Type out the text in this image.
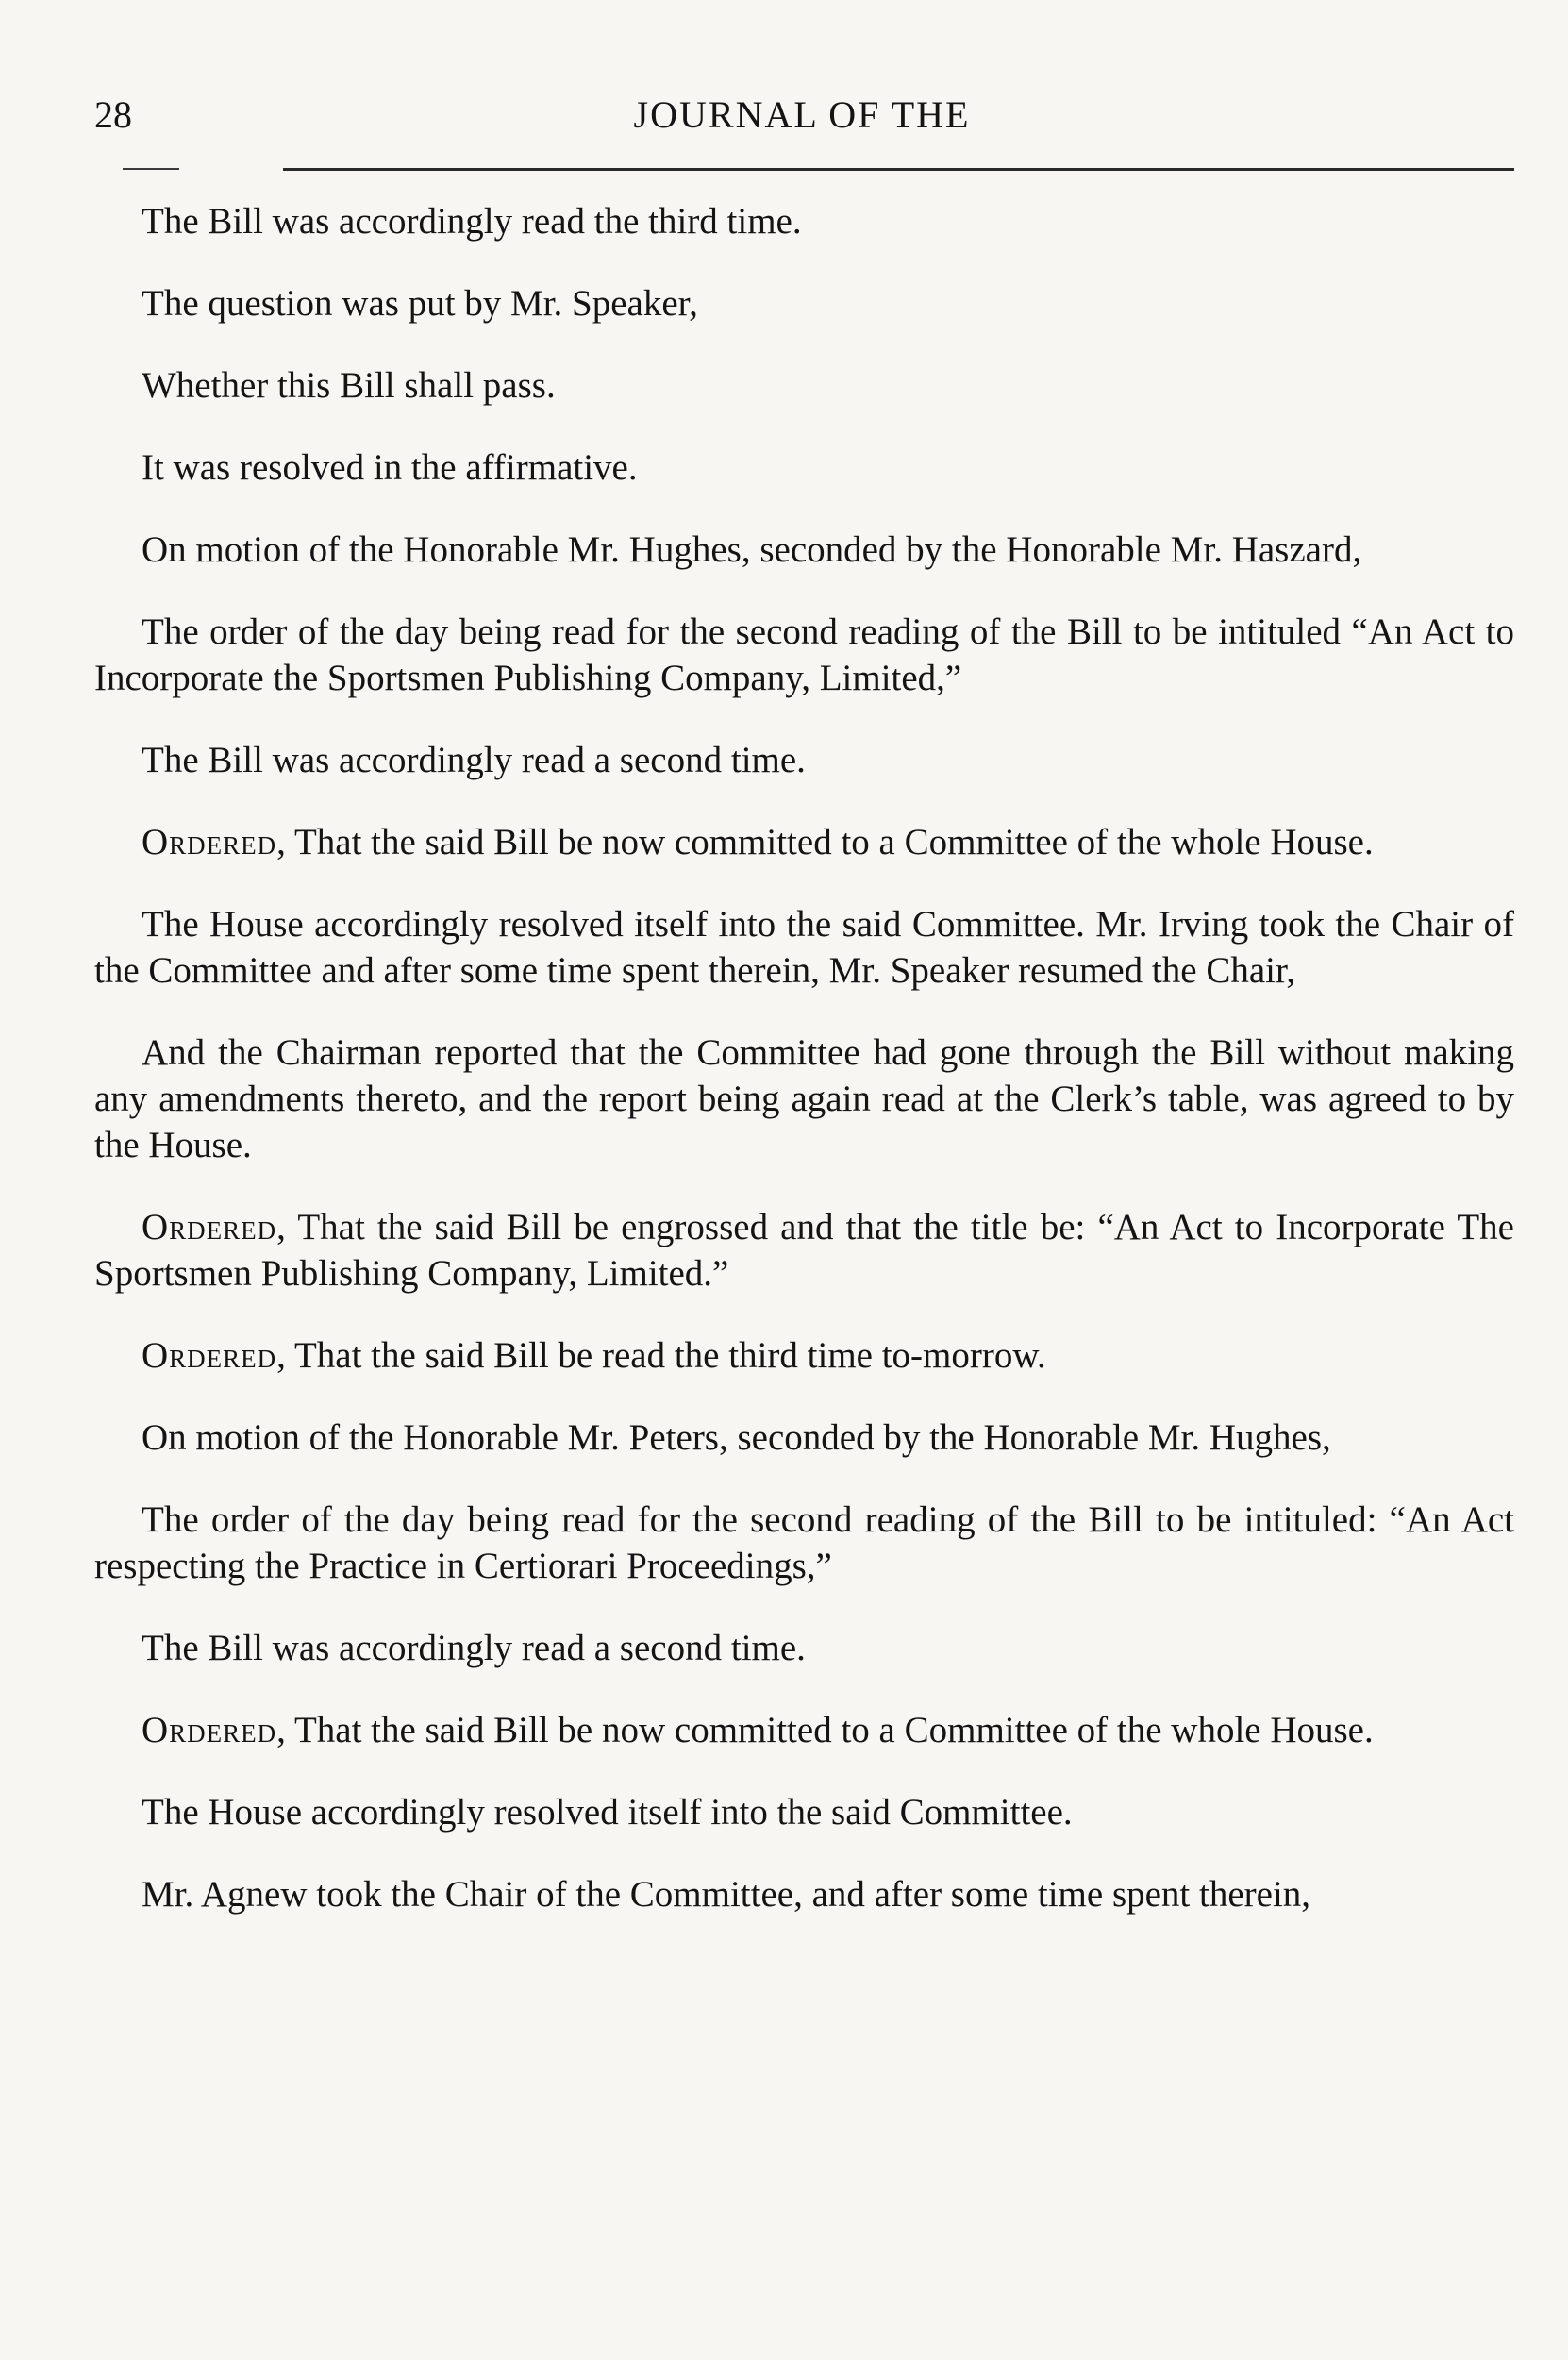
28	JOURNAL OF THE

The Bill was accordingly read the third time.

The question was put by Mr. Speaker,

Whether this Bill shall pass.

It was resolved in the affirmative.

On motion of the Honorable Mr. Hughes, seconded by the Honorable Mr. Haszard,

The order of the day being read for the second reading of the Bill to be intituled “An Act to Incorporate the Sportsmen Publishing Company, Limited,”

The Bill was accordingly read a second time.

Ordered, That the said Bill be now committed to a Committee of the whole House.

The House accordingly resolved itself into the said Committee. Mr. Irving took the Chair of the Committee and after some time spent therein, Mr. Speaker resumed the Chair,

And the Chairman reported that the Committee had gone through the Bill without making any amendments thereto, and the report being again read at the Clerk’s table, was agreed to by the House.

Ordered, That the said Bill be engrossed and that the title be: “An Act to Incorporate The Sportsmen Publishing Company, Limited.”

Ordered, That the said Bill be read the third time to-morrow.

On motion of the Honorable Mr. Peters, seconded by the Honorable Mr. Hughes,

The order of the day being read for the second reading of the Bill to be intituled: “An Act respecting the Practice in Certiorari Proceedings,”

The Bill was accordingly read a second time.

Ordered, That the said Bill be now committed to a Committee of the whole House.

The House accordingly resolved itself into the said Committee.

Mr. Agnew took the Chair of the Committee, and after some time spent therein,
